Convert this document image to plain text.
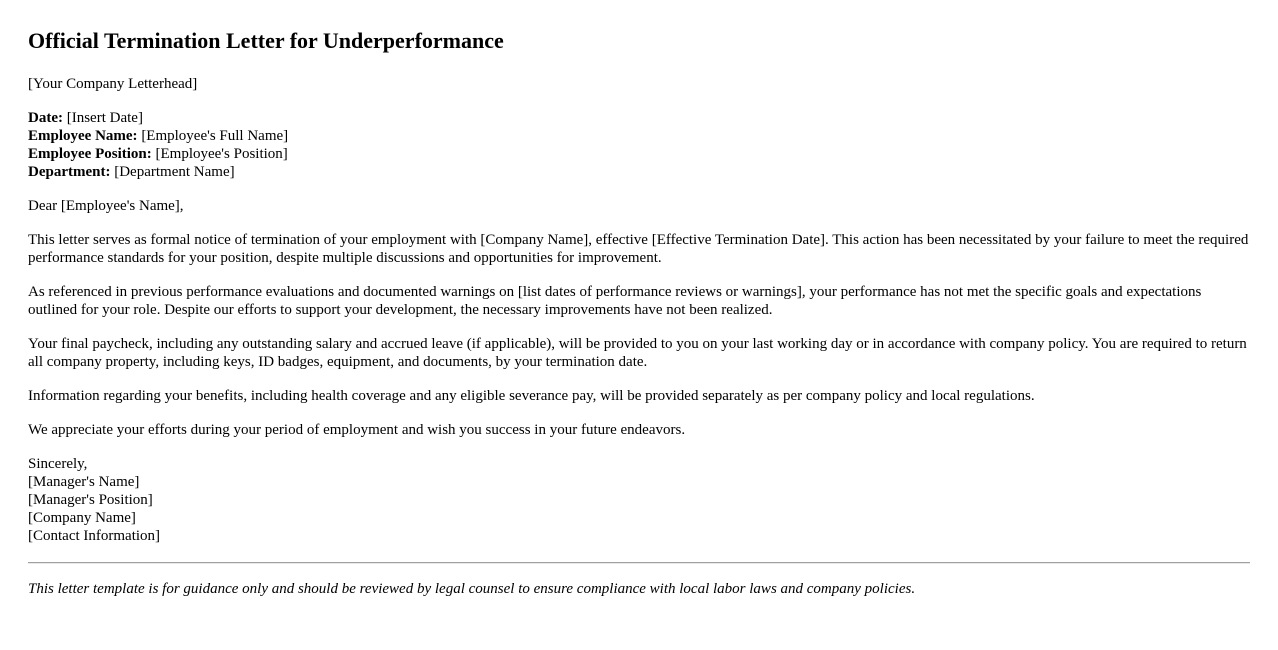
Official Termination Letter for Underperformance

[Your Company Letterhead]

Date: [Insert Date]
Employee Name: [Employee's Full Name]
Employee Position: [Employee's Position]
Department: [Department Name]

Dear [Employee's Name],

This letter serves as formal notice of termination of your employment with [Company Name], effective [Effective Termination Date]. This action has been necessitated by your failure to meet the required performance standards for your position, despite multiple discussions and opportunities for improvement.

As referenced in previous performance evaluations and documented warnings on [list dates of performance reviews or warnings], your performance has not met the specific goals and expectations outlined for your role. Despite our efforts to support your development, the necessary improvements have not been realized.

Your final paycheck, including any outstanding salary and accrued leave (if applicable), will be provided to you on your last working day or in accordance with company policy. You are required to return all company property, including keys, ID badges, equipment, and documents, by your termination date.

Information regarding your benefits, including health coverage and any eligible severance pay, will be provided separately as per company policy and local regulations.

We appreciate your efforts during your period of employment and wish you success in your future endeavors.

Sincerely,
[Manager's Name]
[Manager's Position]
[Company Name]
[Contact Information]

This letter template is for guidance only and should be reviewed by legal counsel to ensure compliance with local labor laws and company policies.
